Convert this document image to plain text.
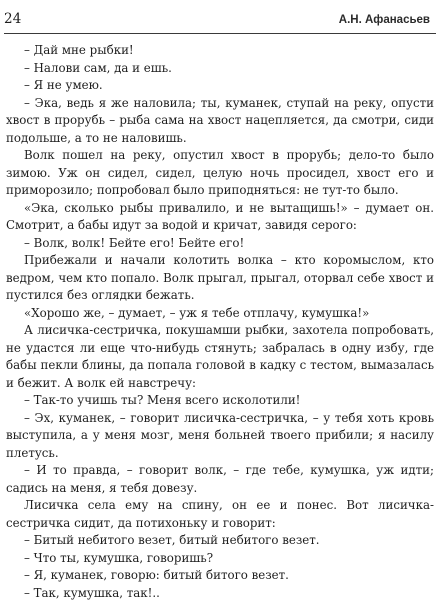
24	А.Н. Афанасьев

– Дай мне рыбки!

– Налови сам, да и ешь.

– Я не умею.

– Эка, ведь я же наловила; ты, куманек, ступай на реку, опусти хвост в прорубь – рыба сама на хвост нацепляется, да смотри, сиди подольше, а то не наловишь.

Волк пошел на реку, опустил хвост в прорубь; дело-то было зимою. Уж он сидел, сидел, целую ночь просидел, хвост его и приморозило; попробовал было приподняться: не тут-то было.

«Эка, сколько рыбы привалило, и не вытащишь!» – думает он. Смотрит, а бабы идут за водой и кричат, завидя серого:

– Волк, волк! Бейте его! Бейте его!

Прибежали и начали колотить волка – кто коромыслом, кто ведром, чем кто попало. Волк прыгал, прыгал, оторвал себе хвост и пустился без оглядки бежать.

«Хорошо же, – думает, – уж я тебе отплачу, кумушка!»

А лисичка-сестричка, покушамши рыбки, захотела попробовать, не удастся ли еще что-нибудь стянуть; забралась в одну избу, где бабы пекли блины, да попала головой в кадку с тестом, вымазалась и бежит. А волк ей навстречу:

– Так-то учишь ты? Меня всего исколотили!

– Эх, куманек, – говорит лисичка-сестричка, – у тебя хоть кровь выступила, а у меня мозг, меня больней твоего прибили; я насилу плетусь.

– И то правда, – говорит волк, – где тебе, кумушка, уж идти; садись на меня, я тебя довезу.

Лисичка села ему на спину, он ее и понес. Вот лисичка-сестричка сидит, да потихоньку и говорит:

– Битый небитого везет, битый небитого везет.

– Что ты, кумушка, говоришь?

– Я, куманек, говорю: битый битого везет.

– Так, кумушка, так!..
